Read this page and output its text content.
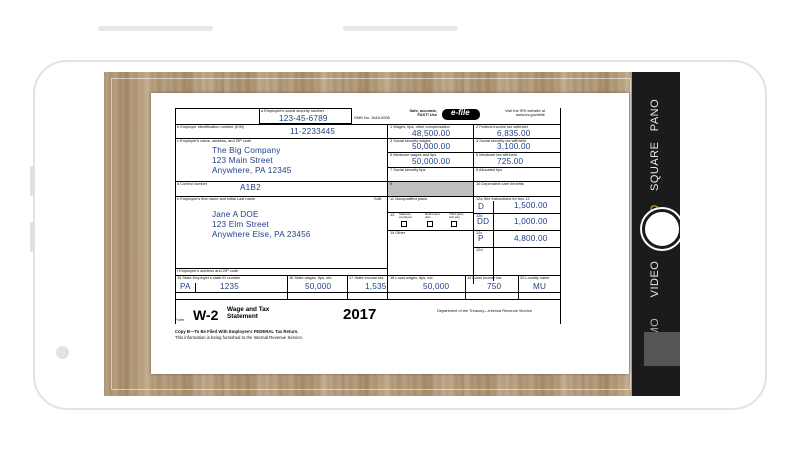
a Employee's social security number
123-45-6789	OMB No. 1545-0008
Safe, accurate,
FAST! Use e-file	Visit the IRS website at
www.irs.gov/efile
b Employer identification number (EIN)
11-2233445
1 Wages, tips, other compensation
48,500.00
2 Federal income tax withheld
6,835.00
c Employer's name, address, and ZIP code
The Big Company
123 Main Street
Anywhere, PA 12345
3 Social security wages
50,000.00
4 Social security tax withheld
3,100.00
5 Medicare wages and tips
50,000.00
6 Medicare tax withheld
725.00
7 Social security tips	8 Allocated tips
d Control number	A1B2	9	10 Dependent care benefits
e Employee's first name and initial Last name	Suff.
Jane A DOE
123 Elm Street
Anywhere Else, PA 23456
11 Nonqualified plans
13 Statutory
employee
Retirement
plan
Third-party
sick pay
14 Other
12a See instructions for box 12
D	1,500.00
12b
DD	1,000.00
12c
P	4,800.00
12d
f Employee's address and ZIP code
15 State Employer's state ID number
PA	1235
16 State wages, tips, etc.
50,000
17 State income tax
1,535
18 Local wages, tips, etc.
50,000
19 Local income tax
750
20 Locality name
MU
Form W-2 Wage and Tax
Statement	2017	Department of the Treasury—Internal Revenue Service
Copy B—To Be Filed With Employee's FEDERAL Tax Return.
This information is being furnished to the Internal Revenue Service.
VIDEO
SQUARE
PANO
